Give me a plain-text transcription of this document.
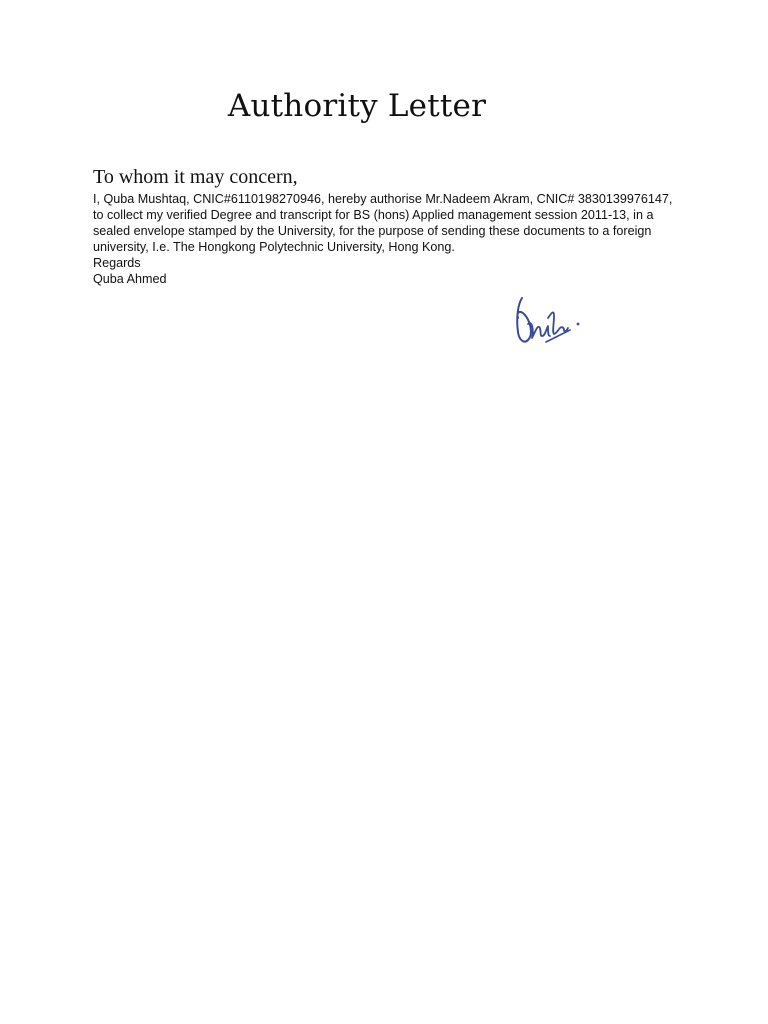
Authority Letter
To whom it may concern,

I, Quba Mushtaq, CNIC#6110198270946, hereby authorise Mr.Nadeem Akram, CNIC# 3830139976147, to collect my verified Degree and transcript for BS (hons) Applied management session 2011-13, in a sealed envelope stamped by the University, for the purpose of sending these documents to a foreign university, I.e. The Hongkong Polytechnic University, Hong Kong.

Regards

Quba Ahmed
